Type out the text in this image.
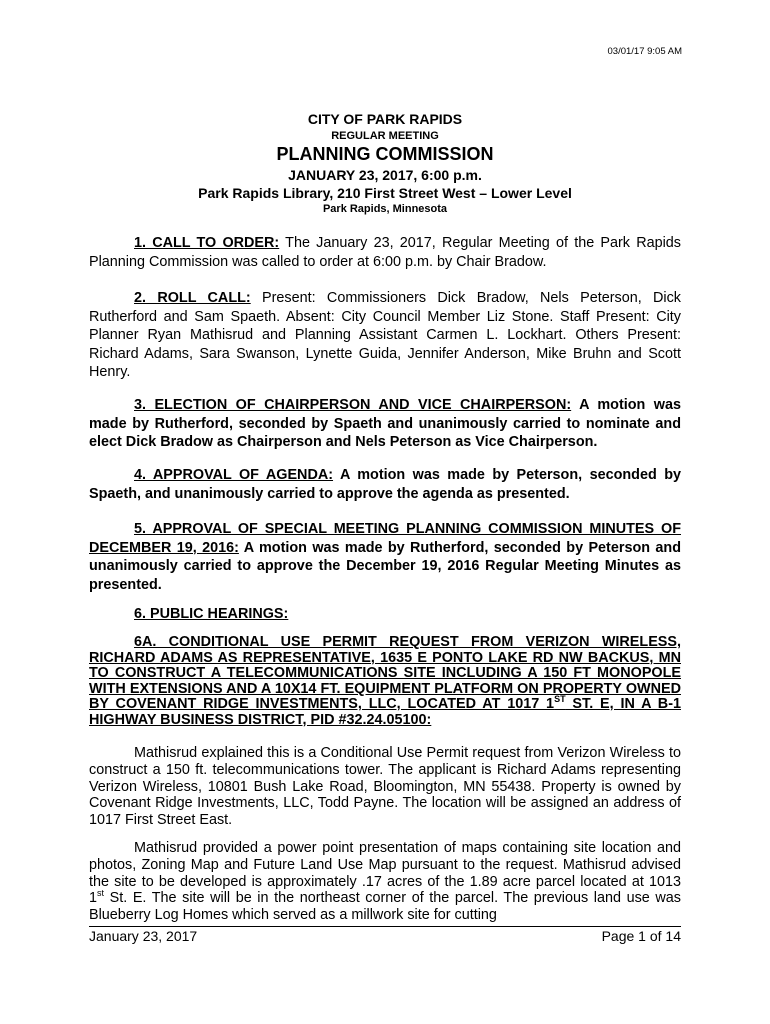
03/01/17 9:05 AM
CITY OF PARK RAPIDS
REGULAR MEETING
PLANNING COMMISSION
JANUARY 23, 2017, 6:00 p.m.
Park Rapids Library, 210 First Street West – Lower Level
Park Rapids, Minnesota

1. CALL TO ORDER: The January 23, 2017, Regular Meeting of the Park Rapids Planning Commission was called to order at 6:00 p.m. by Chair Bradow.

2. ROLL CALL: Present: Commissioners Dick Bradow, Nels Peterson, Dick Rutherford and Sam Spaeth. Absent: City Council Member Liz Stone. Staff Present: City Planner Ryan Mathisrud and Planning Assistant Carmen L. Lockhart. Others Present: Richard Adams, Sara Swanson, Lynette Guida, Jennifer Anderson, Mike Bruhn and Scott Henry.

3. ELECTION OF CHAIRPERSON AND VICE CHAIRPERSON: A motion was made by Rutherford, seconded by Spaeth and unanimously carried to nominate and elect Dick Bradow as Chairperson and Nels Peterson as Vice Chairperson.

4. APPROVAL OF AGENDA: A motion was made by Peterson, seconded by Spaeth, and unanimously carried to approve the agenda as presented.

5. APPROVAL OF SPECIAL MEETING PLANNING COMMISSION MINUTES OF DECEMBER 19, 2016: A motion was made by Rutherford, seconded by Peterson and unanimously carried to approve the December 19, 2016 Regular Meeting Minutes as presented.

6. PUBLIC HEARINGS:

6A. CONDITIONAL USE PERMIT REQUEST FROM VERIZON WIRELESS, RICHARD ADAMS AS REPRESENTATIVE, 1635 E PONTO LAKE RD NW BACKUS, MN TO CONSTRUCT A TELECOMMUNICATIONS SITE INCLUDING A 150 FT MONOPOLE WITH EXTENSIONS AND A 10X14 FT. EQUIPMENT PLATFORM ON PROPERTY OWNED BY COVENANT RIDGE INVESTMENTS, LLC, LOCATED AT 1017 1ST ST. E, IN A B-1 HIGHWAY BUSINESS DISTRICT, PID #32.24.05100:

Mathisrud explained this is a Conditional Use Permit request from Verizon Wireless to construct a 150 ft. telecommunications tower. The applicant is Richard Adams representing Verizon Wireless, 10801 Bush Lake Road, Bloomington, MN 55438. Property is owned by Covenant Ridge Investments, LLC, Todd Payne. The location will be assigned an address of 1017 First Street East.

Mathisrud provided a power point presentation of maps containing site location and photos, Zoning Map and Future Land Use Map pursuant to the request. Mathisrud advised the site to be developed is approximately .17 acres of the 1.89 acre parcel located at 1013 1st St. E. The site will be in the northeast corner of the parcel. The previous land use was Blueberry Log Homes which served as a millwork site for cutting

January 23, 2017	Page 1 of 14
